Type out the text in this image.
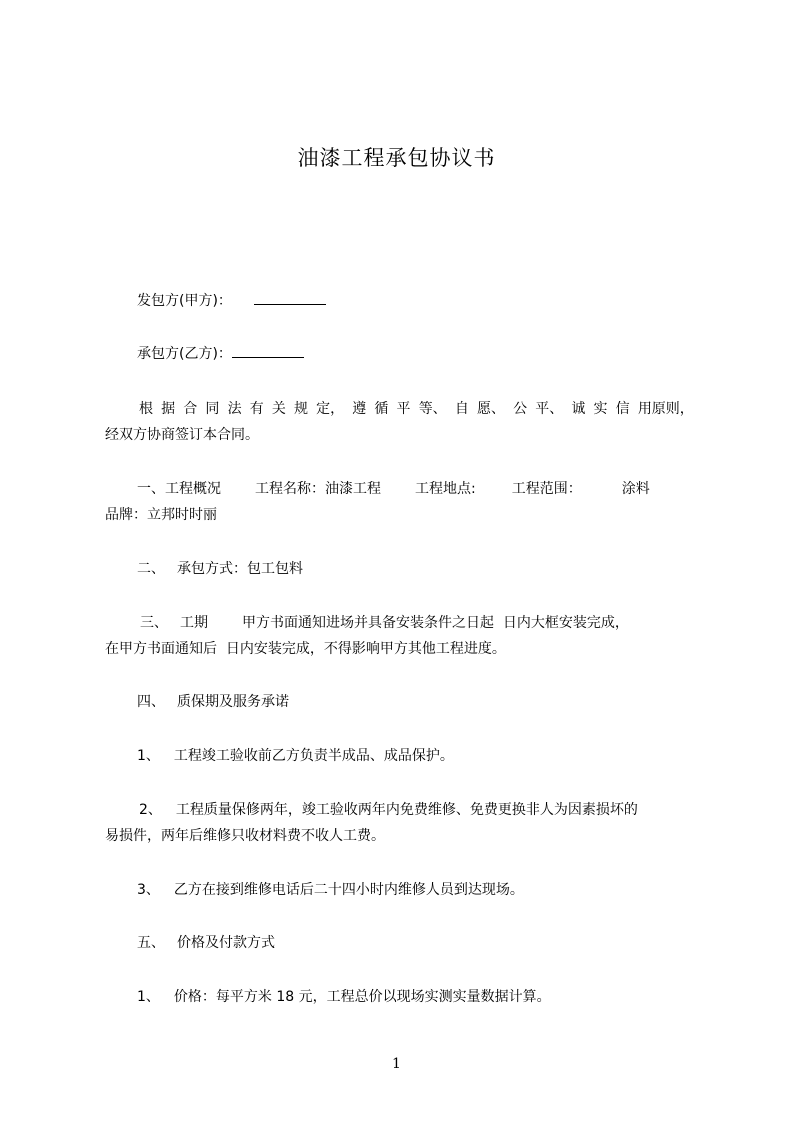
油漆工程承包协议书
发包方(甲方)：
承包方(乙方)：
根 据 合 同 法 有 关 规 定， 遵 循 平 等、 自 愿、 公 平、 诚 实 信 用原则，
经双方协商签订本合同。
一、工程概况 工程名称：油漆工程 工程地点:	工程范围：	涂料
品牌：立邦时时丽
二、 承包方式：包工包料
三、 工期 甲方书面通知进场并具备安装条件之日起  日内大框安装完成，
在甲方书面通知后  日内安装完成，不得影响甲方其他工程进度。
四、 质保期及服务承诺
1、 工程竣工验收前乙方负责半成品、成品保护。
2、 工程质量保修两年，竣工验收两年内免费维修、免费更换非人为因素损坏的
易损件，两年后维修只收材料费不收人工费。
3、 乙方在接到维修电话后二十四小时内维修人员到达现场。
五、 价格及付款方式
1、 价格：每平方米 18 元，工程总价以现场实测实量数据计算。
1
